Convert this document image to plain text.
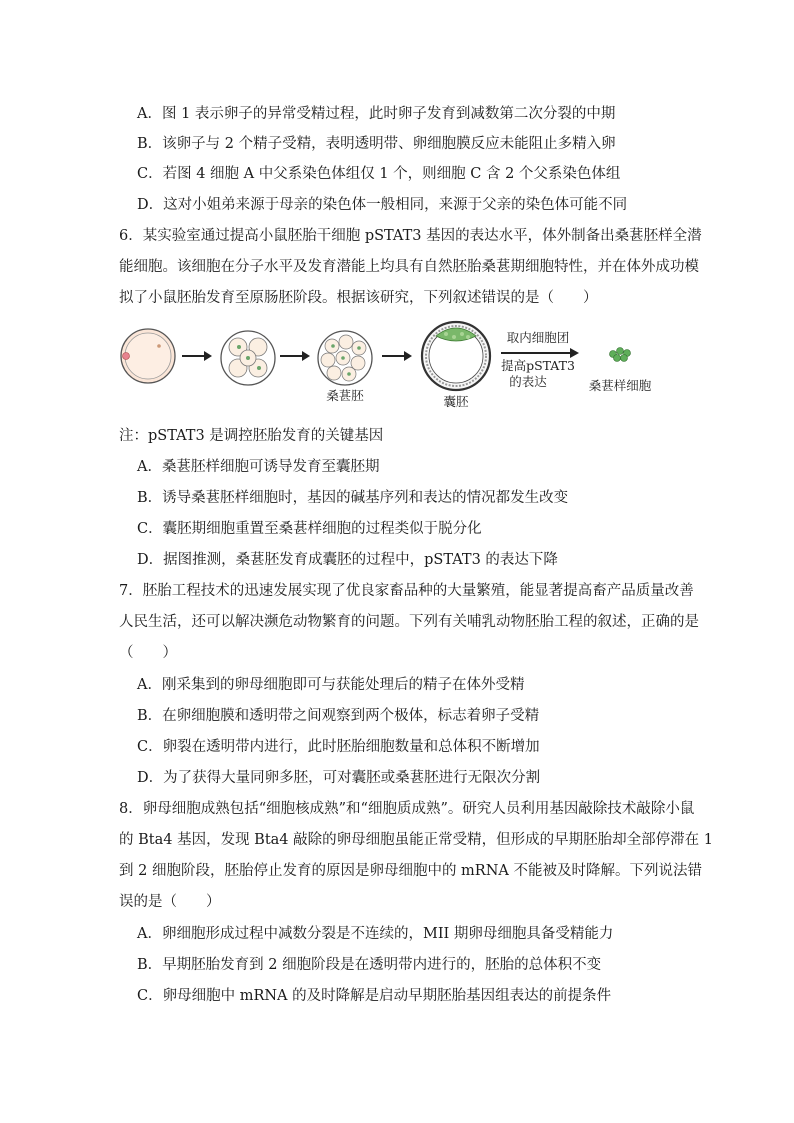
A．图 1 表示卵子的异常受精过程，此时卵子发育到减数第二次分裂的中期
B．该卵子与 2 个精子受精，表明透明带、卵细胞膜反应未能阻止多精入卵
C．若图 4 细胞 A 中父系染色体组仅 1 个，则细胞 C 含 2 个父系染色体组
D．这对小姐弟来源于母亲的染色体一般相同，来源于父亲的染色体可能不同
6．某实验室通过提高小鼠胚胎干细胞 pSTAT3 基因的表达水平，体外制备出桑葚胚样全潜
能细胞。该细胞在分子水平及发育潜能上均具有自然胚胎桑葚期细胞特性，并在体外成功模
拟了小鼠胚胎发育至原肠胚阶段。根据该研究，下列叙述错误的是（　　）
桑葚胚	囊胚
取内细胞团
提高pSTAT3
的表达	桑葚样细胞
注：pSTAT3 是调控胚胎发育的关键基因
A．桑葚胚样细胞可诱导发育至囊胚期
B．诱导桑葚胚样细胞时，基因的碱基序列和表达的情况都发生改变
C．囊胚期细胞重置至桑葚样细胞的过程类似于脱分化
D．据图推测，桑葚胚发育成囊胚的过程中，pSTAT3 的表达下降
7．胚胎工程技术的迅速发展实现了优良家畜品种的大量繁殖，能显著提高畜产品质量改善
人民生活，还可以解决濒危动物繁育的问题。下列有关哺乳动物胚胎工程的叙述，正确的是
（　　）
A．刚采集到的卵母细胞即可与获能处理后的精子在体外受精
B．在卵细胞膜和透明带之间观察到两个极体，标志着卵子受精
C．卵裂在透明带内进行，此时胚胎细胞数量和总体积不断增加
D．为了获得大量同卵多胚，可对囊胚或桑葚胚进行无限次分割
8．卵母细胞成熟包括“细胞核成熟”和“细胞质成熟”。研究人员利用基因敲除技术敲除小鼠
的 Bta4 基因，发现 Bta4 敲除的卵母细胞虽能正常受精，但形成的早期胚胎却全部停滞在 1
到 2 细胞阶段，胚胎停止发育的原因是卵母细胞中的 mRNA 不能被及时降解。下列说法错
误的是（　　）
A．卵细胞形成过程中减数分裂是不连续的，MII 期卵母细胞具备受精能力
B．早期胚胎发育到 2 细胞阶段是在透明带内进行的，胚胎的总体积不变
C．卵母细胞中 mRNA 的及时降解是启动早期胚胎基因组表达的前提条件
